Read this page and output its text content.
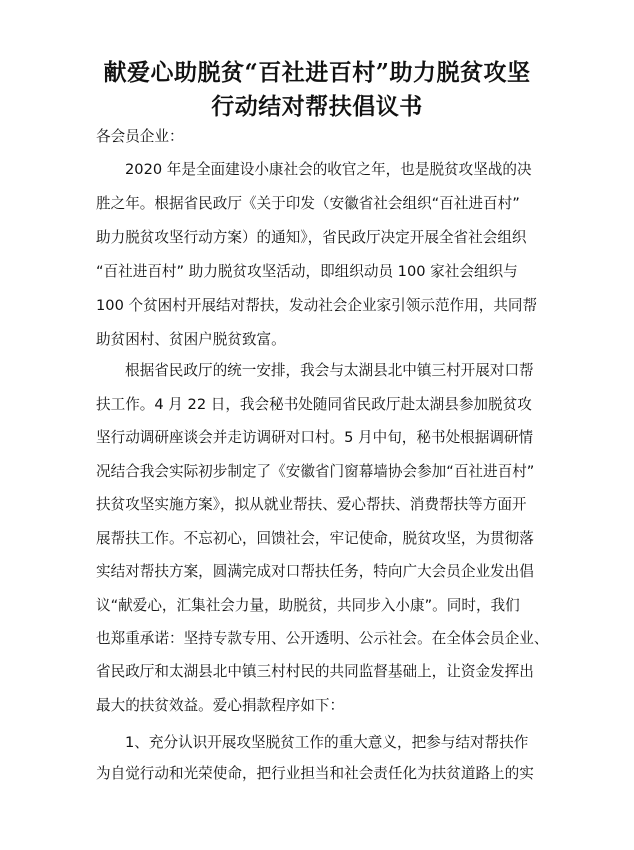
献爱心助脱贫“百社进百村”助力脱贫攻坚
行动结对帮扶倡议书

各会员企业：

2020 年是全面建设小康社会的收官之年，也是脱贫攻坚战的决

胜之年。根据省民政厅《关于印发（安徽省社会组织“百社进百村”

助力脱贫攻坚行动方案）的通知》，省民政厅决定开展全省社会组织

“百社进百村” 助力脱贫攻坚活动，即组织动员 100 家社会组织与

100 个贫困村开展结对帮扶，发动社会企业家引领示范作用，共同帮

助贫困村、贫困户脱贫致富。

根据省民政厅的统一安排，我会与太湖县北中镇三村开展对口帮

扶工作。4 月 22 日，我会秘书处随同省民政厅赴太湖县参加脱贫攻

坚行动调研座谈会并走访调研对口村。5 月中旬，秘书处根据调研情

况结合我会实际初步制定了《安徽省门窗幕墙协会参加“百社进百村”

扶贫攻坚实施方案》，拟从就业帮扶、爱心帮扶、消费帮扶等方面开

展帮扶工作。不忘初心，回馈社会，牢记使命，脱贫攻坚，为贯彻落

实结对帮扶方案，圆满完成对口帮扶任务，特向广大会员企业发出倡

议“献爱心，汇集社会力量，助脱贫，共同步入小康”。同时，我们

也郑重承诺：坚持专款专用、公开透明、公示社会。在全体会员企业、

省民政厅和太湖县北中镇三村村民的共同监督基础上，让资金发挥出

最大的扶贫效益。爱心捐款程序如下：

1、充分认识开展攻坚脱贫工作的重大意义，把参与结对帮扶作

为自觉行动和光荣使命，把行业担当和社会责任化为扶贫道路上的实
